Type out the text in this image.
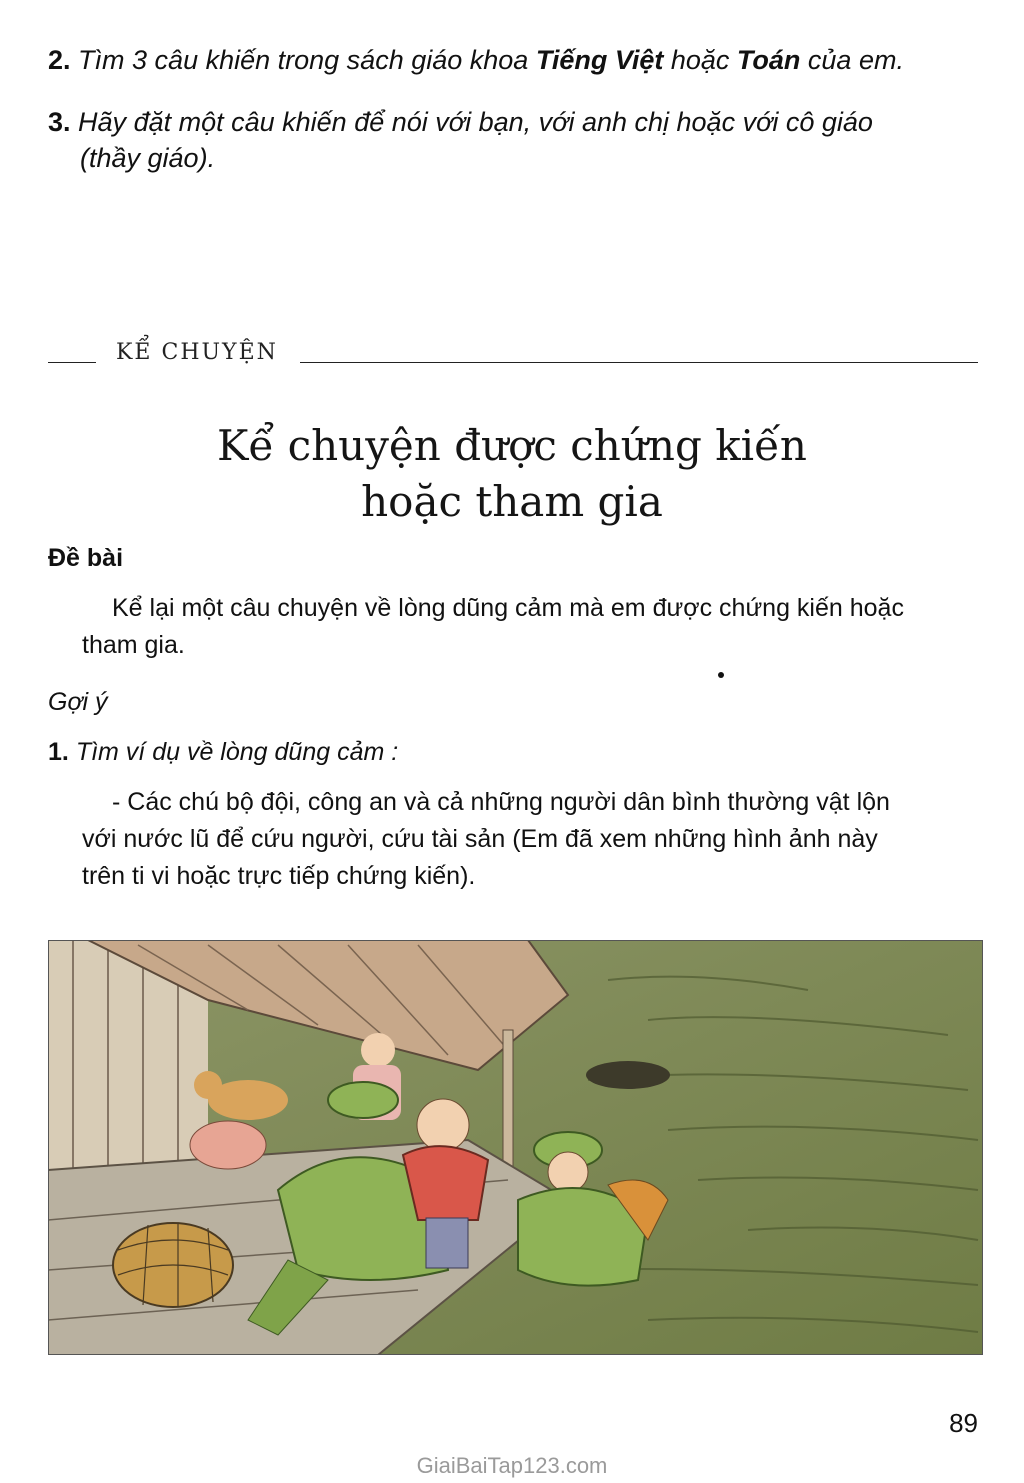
2. Tìm 3 câu khiến trong sách giáo khoa Tiếng Việt hoặc Toán của em.
3. Hãy đặt một câu khiến để nói với bạn, với anh chị hoặc với cô giáo
(thầy giáo).
KỂ CHUYỆN
Kể chuyện được chứng kiến
hoặc tham gia
Đề bài
Kể lại một câu chuyện về lòng dũng cảm mà em được chứng kiến hoặc
tham gia.
Gợi ý
1. Tìm ví dụ về lòng dũng cảm :
- Các chú bộ đội, công an và cả những người dân bình thường vật lộn
với nước lũ để cứu người, cứu tài sản (Em đã xem những hình ảnh này
trên ti vi hoặc trực tiếp chứng kiến).
89
GiaiBaiTap123.com
